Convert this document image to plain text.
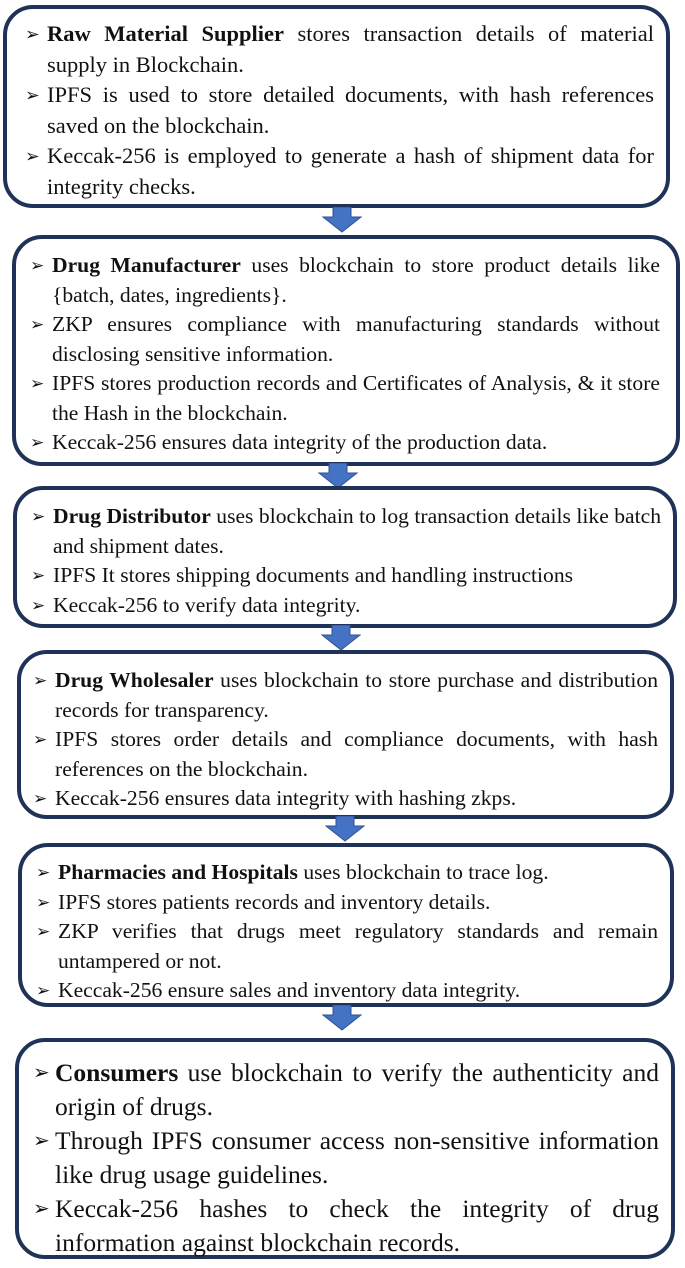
➢ Raw Material Supplier stores transaction details of material supply in Blockchain.
➢ IPFS is used to store detailed documents, with hash references saved on the blockchain.
➢ Keccak-256 is employed to generate a hash of shipment data for integrity checks.
➢ Drug Manufacturer uses blockchain to store product details like {batch, dates, ingredients}.
➢ ZKP ensures compliance with manufacturing standards without disclosing sensitive information.
➢ IPFS stores production records and Certificates of Analysis, & it store the Hash in the blockchain.
➢ Keccak-256 ensures data integrity of the production data.
➢ Drug Distributor uses blockchain to log transaction details like batch and shipment dates.
➢ IPFS It stores shipping documents and handling instructions
➢ Keccak-256 to verify data integrity.
➢ Drug Wholesaler uses blockchain to store purchase and distribution records for transparency.
➢ IPFS stores order details and compliance documents, with hash references on the blockchain.
➢ Keccak-256 ensures data integrity with hashing zkps.
➢ Pharmacies and Hospitals uses blockchain to trace log.
➢ IPFS stores patients records and inventory details.
➢ ZKP verifies that drugs meet regulatory standards and remain untampered or not.
➢ Keccak-256 ensure sales and inventory data integrity.
➢ Consumers use blockchain to verify the authenticity and origin of drugs.
➢ Through IPFS consumer access non-sensitive information like drug usage guidelines.
➢ Keccak-256 hashes to check the integrity of drug information against blockchain records.
